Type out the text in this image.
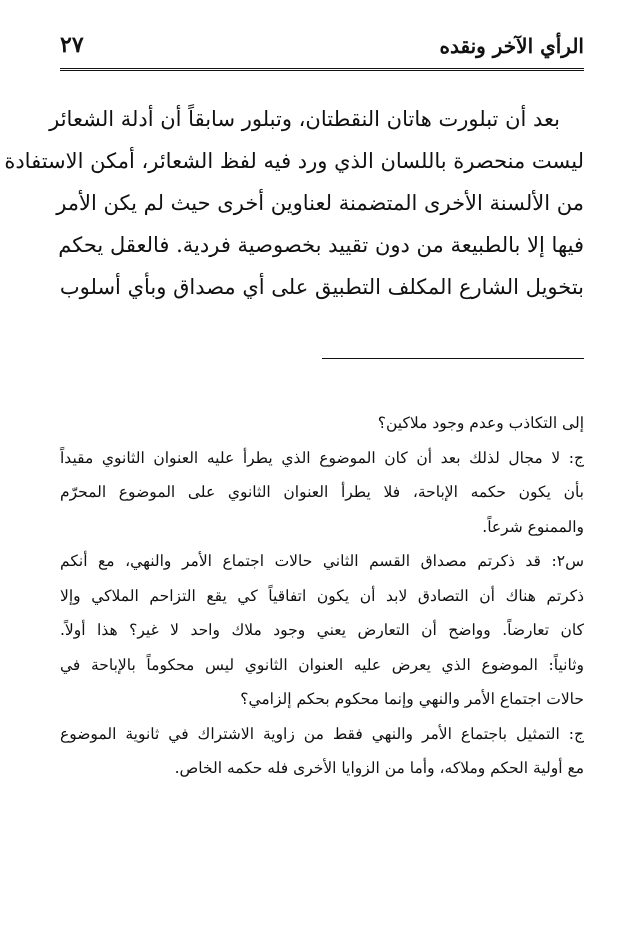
الرأي الآخر ونقده
٢٧
بعد أن تبلورت هاتان النقطتان، وتبلور سابقاً أن أدلة الشعائر
ليست منحصرة باللسان الذي ورد فيه لفظ الشعائر، أمكن الاستفادة
من الألسنة الأخرى المتضمنة لعناوين أخرى حيث لم يكن الأمر
فيها إلا بالطبيعة من دون تقييد بخصوصية فردية. فالعقل يحكم
بتخويل الشارع المكلف التطبيق على أي مصداق وبأي أسلوب
إلى التكاذب وعدم وجود ملاكين؟
ج: لا مجال لذلك بعد أن كان الموضوع الذي يطرأ عليه العنوان الثانوي مقيداً
بأن يكون حكمه الإباحة، فلا يطرأ العنوان الثانوي على الموضوع المحرّم
والممنوع شرعاً.
س٢: قد ذكرتم مصداق القسم الثاني حالات اجتماع الأمر والنهي، مع أنكم
ذكرتم هناك أن التصادق لابد أن يكون اتفاقياً كي يقع التزاحم الملاكي وإلا
كان تعارضاً. وواضح أن التعارض يعني وجود ملاك واحد لا غير؟ هذا أولاً.
وثانياً: الموضوع الذي يعرض عليه العنوان الثانوي ليس محكوماً بالإباحة في
حالات اجتماع الأمر والنهي وإنما محكوم بحكم إلزامي؟
ج: التمثيل باجتماع الأمر والنهي فقط من زاوية الاشتراك في ثانوية الموضوع
مع أولية الحكم وملاكه، وأما من الزوايا الأخرى فله حكمه الخاص.
